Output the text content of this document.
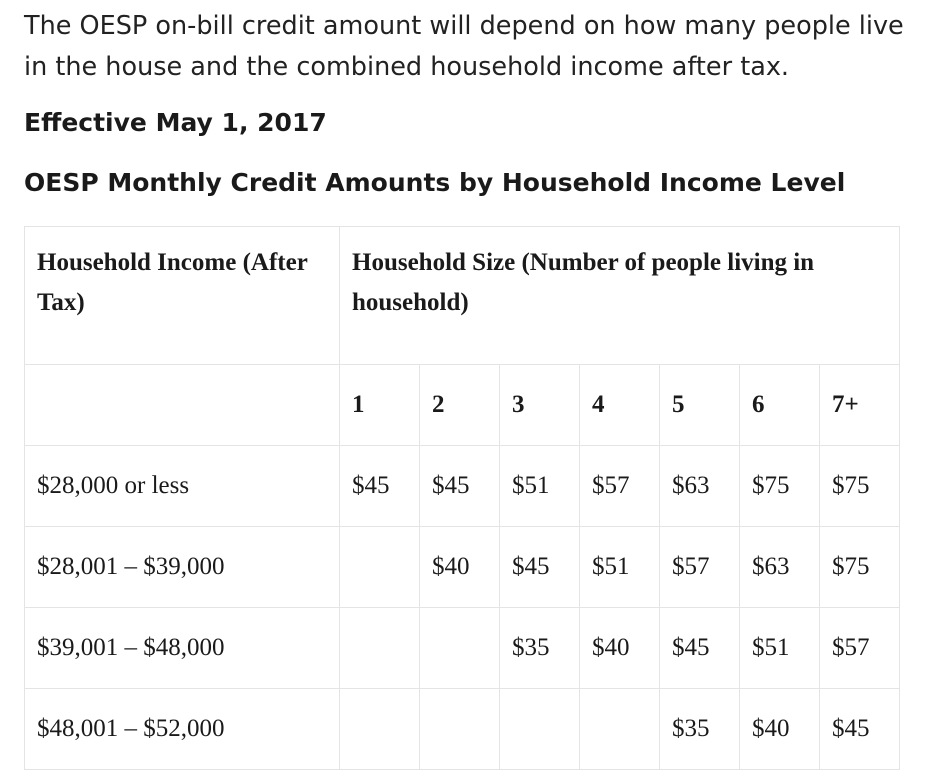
The OESP on-bill credit amount will depend on how many people live in the house and the combined household income after tax.

Effective May 1, 2017
OESP Monthly Credit Amounts by Household Income Level
Household Income (After Tax)	Household Size (Number of people living in household)						
	1	2	3	4	5	6	7+
$28,000 or less	$45	$45	$51	$57	$63	$75	$75
$28,001 – $39,000		$40	$45	$51	$57	$63	$75
$39,001 – $48,000			$35	$40	$45	$51	$57
$48,001 – $52,000					$35	$40	$45
